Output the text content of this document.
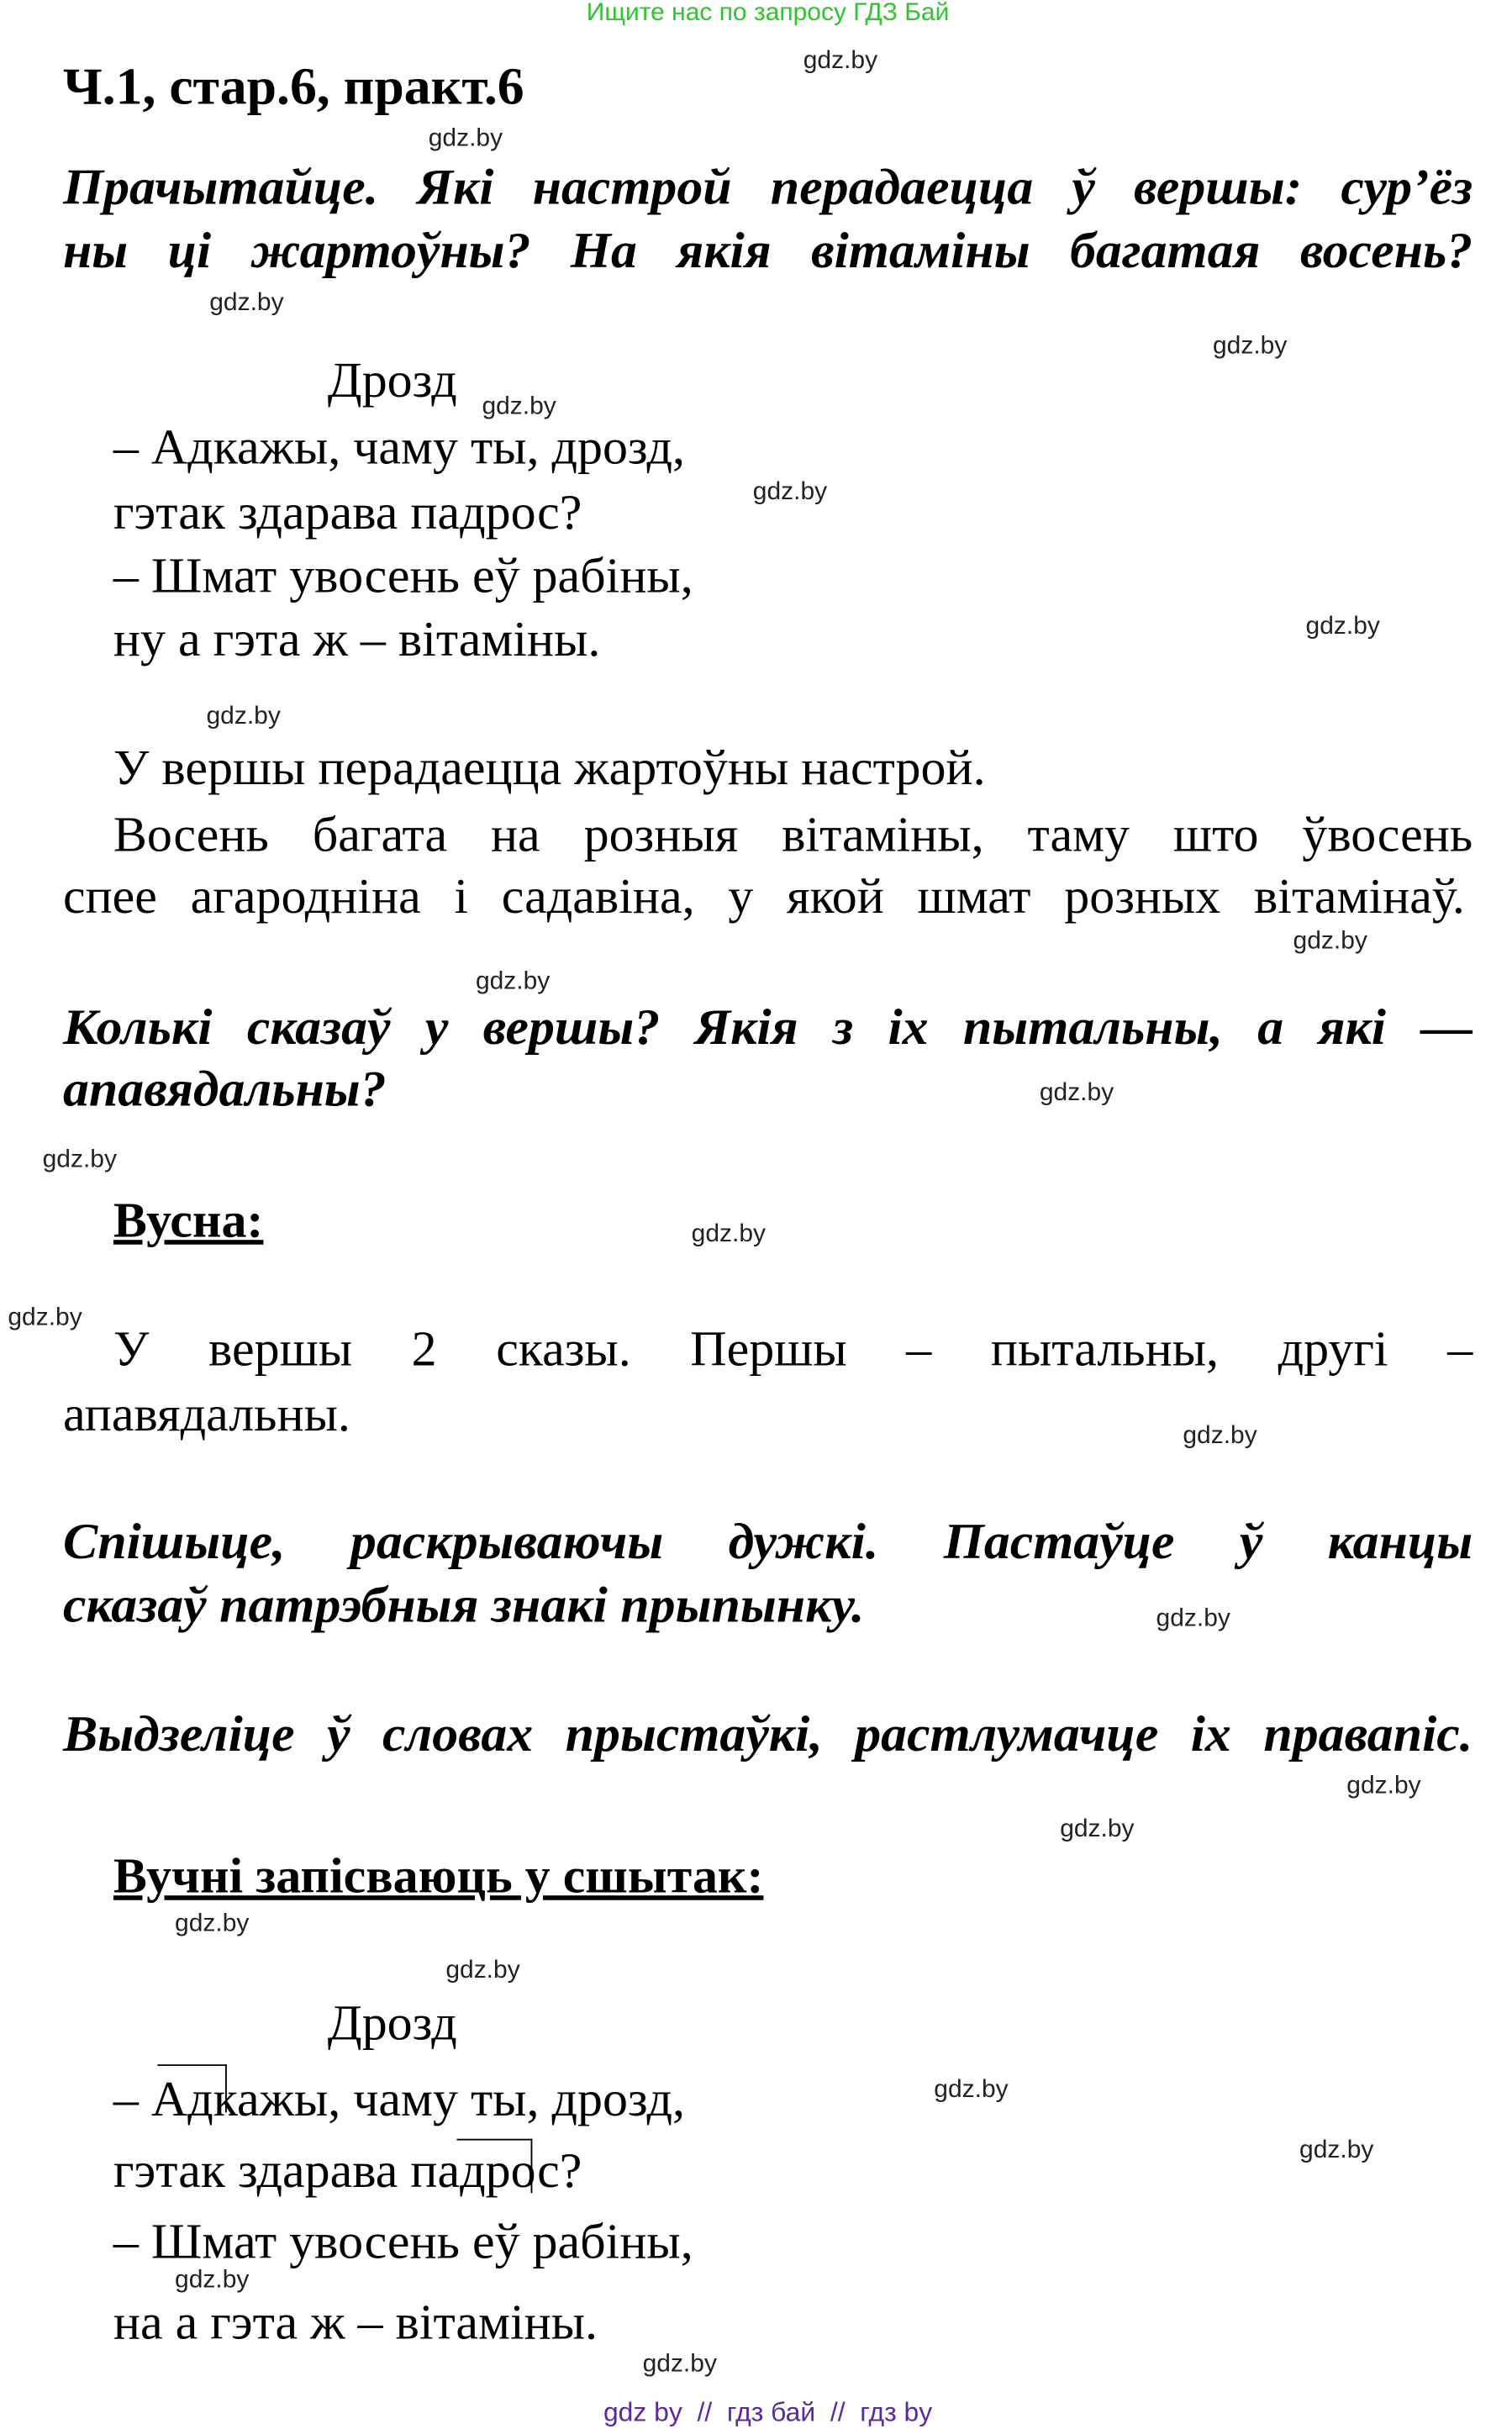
Ищите нас по запросу ГДЗ Бай
Ч.1, стар.6, практ.6
Прачытайце. Які настрой перадаецца ў вершы: сур’ёз
ны ці жартоўны? На якія вітаміны багатая восень?
Дрозд
– Адкажы, чаму ты, дрозд,
гэтак здарава падрос?
– Шмат увосень еў рабіны,
ну а гэта ж – вітаміны.
У вершы перадаецца жартоўны настрой.
Восень багата на розныя вітаміны, таму што ўвосень
спее агародніна і садавіна, у якой шмат розных вітамінаў.
Колькі сказаў у вершы? Якія з іх пытальны, а які —
апавядальны?
Вусна:
У вершы 2 сказы. Першы – пытальны, другі –
апавядальны.
Спішыце, раскрываючы дужкі. Пастаўце ў канцы
сказаў патрэбныя знакі прыпынку.
Выдзеліце ў словах прыстаўкі, растлумачце іх правапіс.
Вучні запісваюць у сшытак:
Дрозд
– Адкажы, чаму ты, дрозд,
гэтак здарава падрос?
– Шмат увосень еў рабіны,
на а гэта ж – вітаміны.
gdz.by
gdz.by
gdz.by
gdz.by
gdz.by
gdz.by
gdz.by
gdz.by
gdz.by
gdz.by
gdz.by
gdz.by
gdz.by
gdz.by
gdz.by
gdz.by
gdz.by
gdz.by
gdz.by
gdz.by
gdz.by
gdz.by
gdz.by
gdz.by
gdz by  //  гдз бай  //  гдз by
